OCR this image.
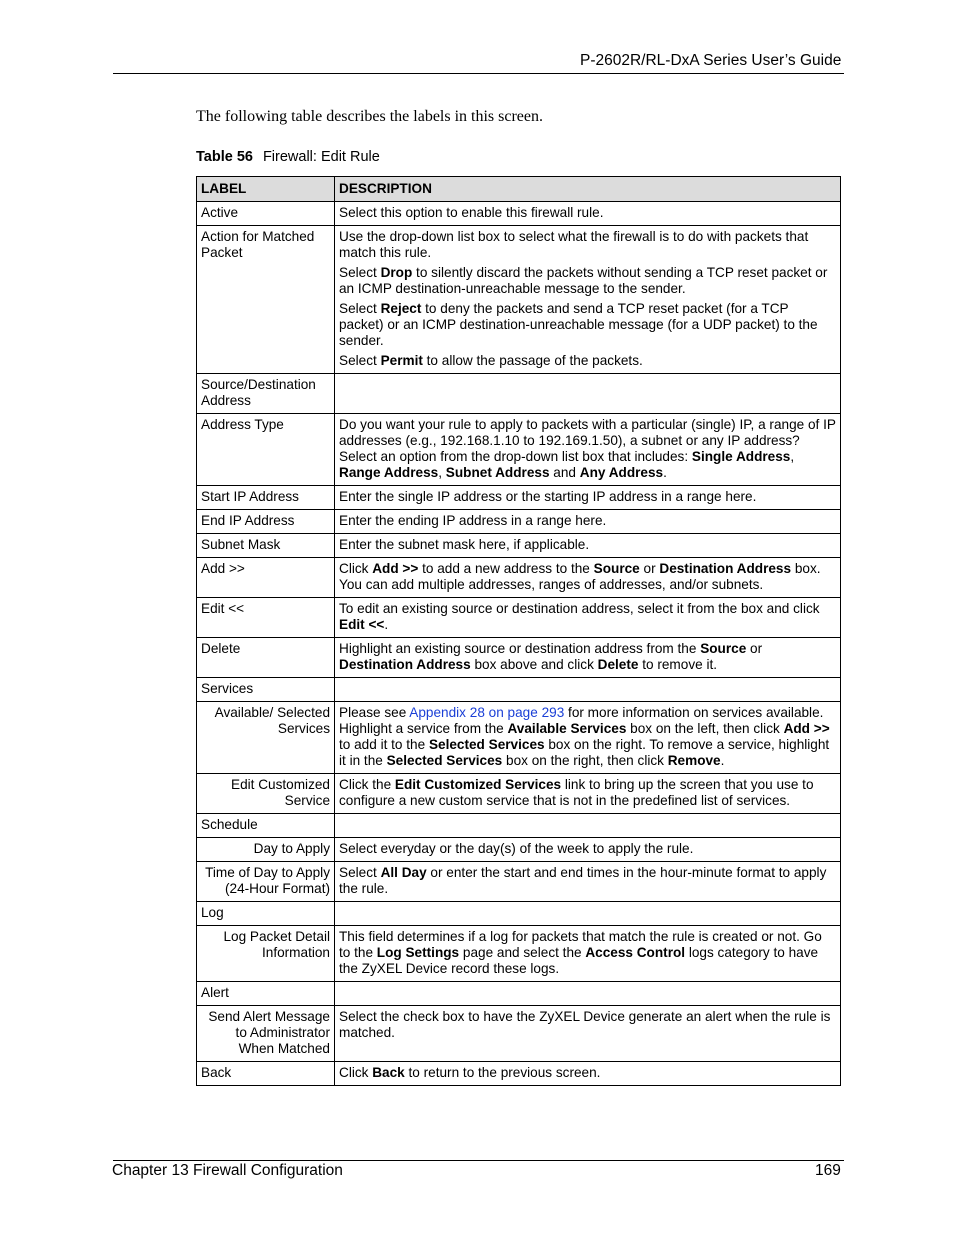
P-2602R/RL-DxA Series User’s Guide
The following table describes the labels in this screen.
Table 56 Firewall: Edit Rule
LABEL	DESCRIPTION
Active	Select this option to enable this firewall rule.
Action for Matched Packet	Use the drop-down list box to select what the firewall is to do with packets that match this rule.

Select Drop to silently discard the packets without sending a TCP reset packet or an ICMP destination-unreachable message to the sender.

Select Reject to deny the packets and send a TCP reset packet (for a TCP packet) or an ICMP destination-unreachable message (for a UDP packet) to the sender.

Select Permit to allow the passage of the packets.

Source/Destination Address	
Address Type	Do you want your rule to apply to packets with a particular (single) IP, a range of IP addresses (e.g., 192.168.1.10 to 192.169.1.50), a subnet or any IP address? Select an option from the drop-down list box that includes: Single Address, Range Address, Subnet Address and Any Address.
Start IP Address	Enter the single IP address or the starting IP address in a range here.
End IP Address	Enter the ending IP address in a range here.
Subnet Mask	Enter the subnet mask here, if applicable.
Add >>	Click Add >> to add a new address to the Source or Destination Address box. You can add multiple addresses, ranges of addresses, and/or subnets.
Edit <<	To edit an existing source or destination address, select it from the box and click Edit <<.
Delete	Highlight an existing source or destination address from the Source or Destination Address box above and click Delete to remove it.
Services	
Available/ Selected Services	Please see Appendix 28 on page 293 for more information on services available. Highlight a service from the Available Services box on the left, then click Add >> to add it to the Selected Services box on the right. To remove a service, highlight it in the Selected Services box on the right, then click Remove.
Edit Customized Service	Click the Edit Customized Services link to bring up the screen that you use to configure a new custom service that is not in the predefined list of services.
Schedule	
Day to Apply	Select everyday or the day(s) of the week to apply the rule.
Time of Day to Apply (24-Hour Format)	Select All Day or enter the start and end times in the hour-minute format to apply the rule.
Log	
Log Packet Detail Information	This field determines if a log for packets that match the rule is created or not. Go to the Log Settings page and select the Access Control logs category to have the ZyXEL Device record these logs.
Alert	
Send Alert Message to Administrator When Matched	Select the check box to have the ZyXEL Device generate an alert when the rule is matched.
Back	Click Back to return to the previous screen.
Chapter 13 Firewall Configuration	169
